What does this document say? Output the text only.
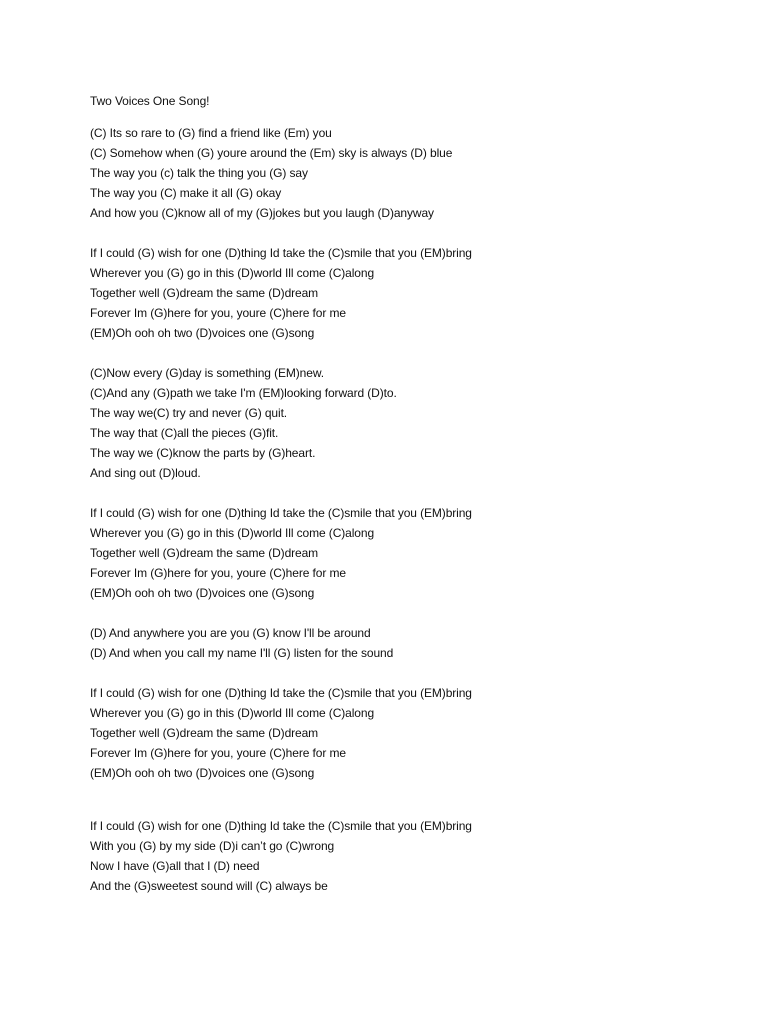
Two Voices One Song!
(C) Its so rare to (G) find a friend like (Em) you
(C) Somehow when (G) youre around the (Em) sky is always (D) blue
The way you (c) talk the thing you (G) say
The way you (C) make it all (G) okay
And how you (C)know all of my (G)jokes but you laugh (D)anyway
If I could (G) wish for one (D)thing Id take the (C)smile that you (EM)bring
Wherever you (G) go in this (D)world Ill come (C)along
Together well (G)dream the same (D)dream
Forever Im (G)here for you, youre (C)here for me
(EM)Oh ooh oh two (D)voices one (G)song
(C)Now every (G)day is something (EM)new.
(C)And any (G)path we take I'm (EM)looking forward (D)to.
The way we(C) try and never (G) quit.
The way that (C)all the pieces (G)fit.
The way we (C)know the parts by (G)heart.
And sing out (D)loud.
If I could (G) wish for one (D)thing Id take the (C)smile that you (EM)bring
Wherever you (G) go in this (D)world Ill come (C)along
Together well (G)dream the same (D)dream
Forever Im (G)here for you, youre (C)here for me
(EM)Oh ooh oh two (D)voices one (G)song
(D) And anywhere you are you (G) know I'll be around
(D) And when you call my name I'll (G) listen for the sound
If I could (G) wish for one (D)thing Id take the (C)smile that you (EM)bring
Wherever you (G) go in this (D)world Ill come (C)along
Together well (G)dream the same (D)dream
Forever Im (G)here for you, youre (C)here for me
(EM)Oh ooh oh two (D)voices one (G)song
If I could (G) wish for one (D)thing Id take the (C)smile that you (EM)bring
With you (G) by my side (D)i can’t go (C)wrong
Now I have (G)all that I (D) need
And the (G)sweetest sound will (C) always be
